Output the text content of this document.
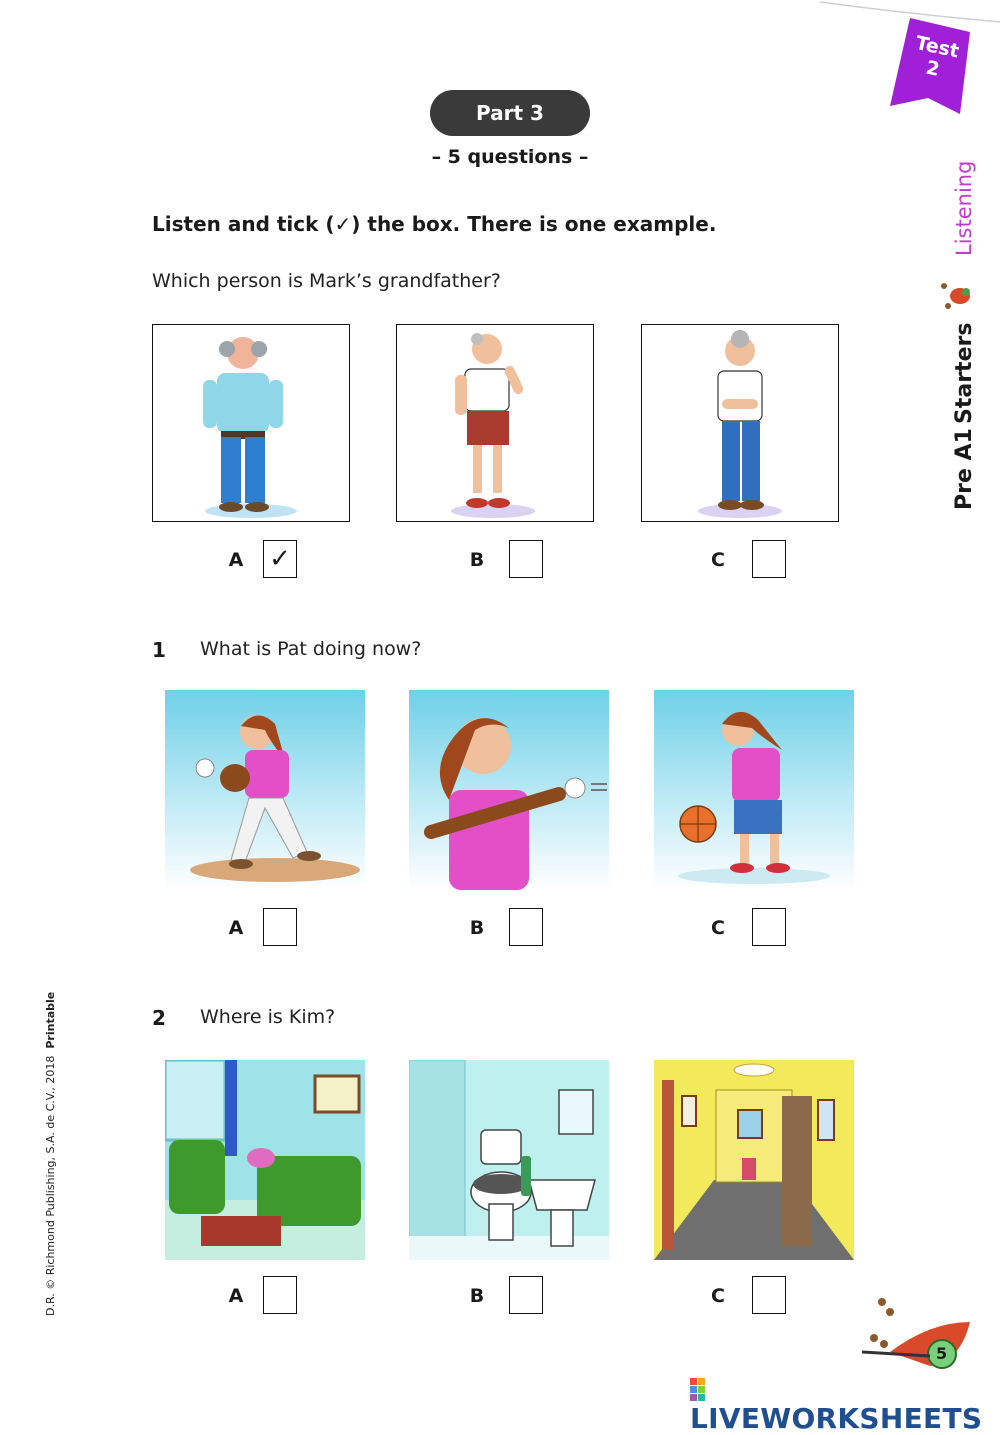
Test
2
Part 3
– 5 questions –
Listen and tick (✓) the box. There is one example.
Which person is Mark’s grandfather?
A ✓	B	C
1 What is Pat doing now?
A	B	C
2 Where is Kim?
A	B	C
Listening
Starters
Pre A1
D.R. © Richmond Publishing, S.A. de C.V., 2018  Printable
5
LIVEWORKSHEETS
